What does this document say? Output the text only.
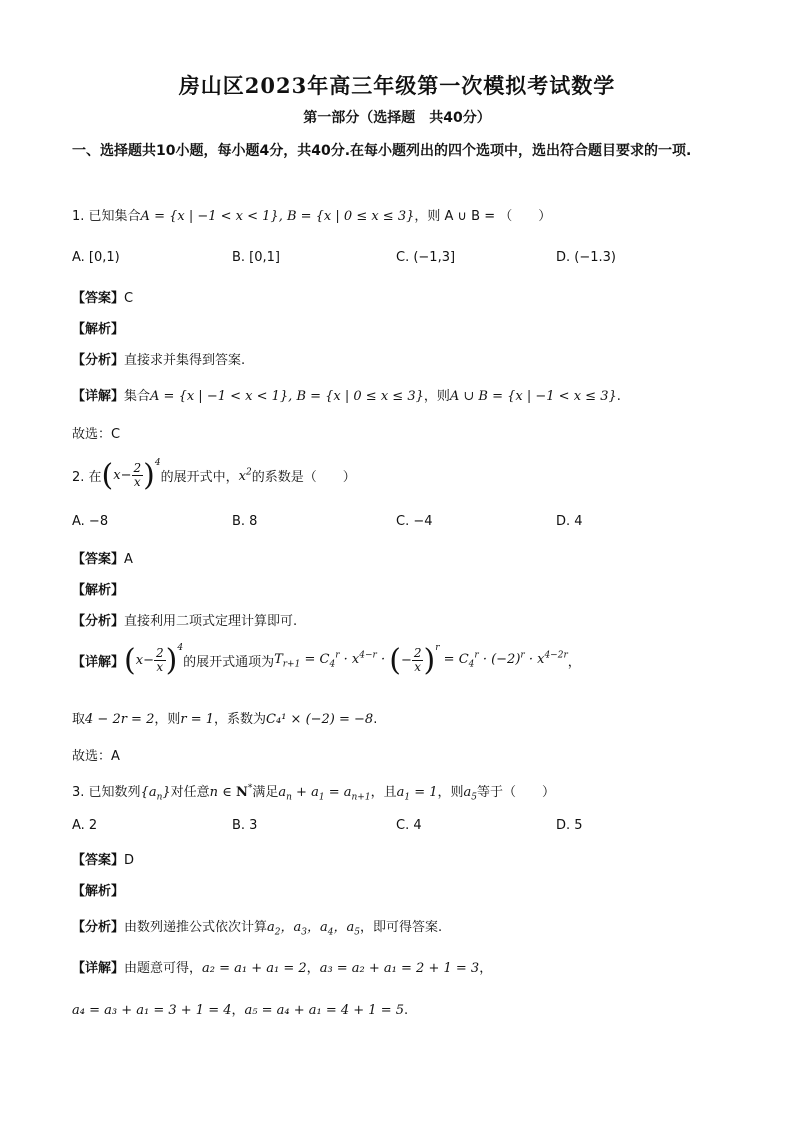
房山区2023年高三年级第一次模拟考试数学
第一部分（选择题　共40分）
一、选择题共10小题，每小题4分，共40分.在每小题列出的四个选项中，选出符合题目要求的一项.
1. 已知集合A = {x | −1 < x < 1}, B = {x | 0 ≤ x ≤ 3}，则 A ∪ B = （　　）
A. [0,1)	B. [0,1]	C. (−1,3]	D. (−1.3)
【答案】C
【解析】
【分析】直接求并集得到答案.
【详解】集合A = {x | −1 < x < 1}, B = {x | 0 ≤ x ≤ 3}，则A ∪ B = {x | −1 < x ≤ 3}.
故选：C
2. 在$(x- \frac{2}{x} )^4$的展开式中，$x^2$的系数是（　　）
A. −8	B. 8	C. −4	D. 4
【答案】A
【解析】
【分析】直接利用二项式定理计算即可.
【详解】$(x- \frac{2}{x} )^4$的展开式通项为$T_{r+1} = C_4^r \cdot x^{4-r}$ · (− $\frac{2}{x} )^r = C_4^r \cdot (-2)^r \cdot x^{4-2r}$，
取4 − 2r = 2，则r = 1，系数为C₄¹ × (−2) = −8.
故选：A
3. 已知数列$\{a_n\}$对任意n ∈ N*满足$a_n + a_1 = a_{n+1}$，且$a_1 = 1$，则$a_5$等于（　　）
A. 2	B. 3	C. 4	D. 5
【答案】D
【解析】
【分析】由数列递推公式依次计算$a_2$，$a_3$，$a_4$，$a_5$，即可得答案.
【详解】由题意可得，a₂ = a₁ + a₁ = 2，a₃ = a₂ + a₁ = 2 + 1 = 3，
a₄ = a₃ + a₁ = 3 + 1 = 4，a₅ = a₄ + a₁ = 4 + 1 = 5.
